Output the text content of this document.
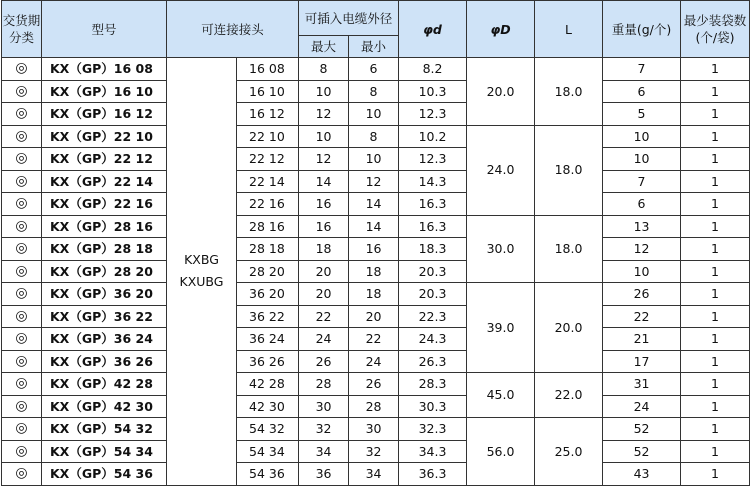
交货期分类	型号	可连接接头		可插入电缆外径		φd	φD	L	重量(g/个)	最少装袋数(个/袋)
				最大	最小					
◎	KX（GP）16 08	KXBG KXUBG	16 08	8	6	8.2	20.0	18.0	7	1
◎	KX（GP）16 10		16 10	10	8	10.3			6	1
◎	KX（GP）16 12		16 12	12	10	12.3			5	1
◎	KX（GP）22 10		22 10	10	8	10.2	24.0	18.0	10	1
◎	KX（GP）22 12		22 12	12	10	12.3			10	1
◎	KX（GP）22 14		22 14	14	12	14.3			7	1
◎	KX（GP）22 16		22 16	16	14	16.3			6	1
◎	KX（GP）28 16		28 16	16	14	16.3	30.0	18.0	13	1
◎	KX（GP）28 18		28 18	18	16	18.3			12	1
◎	KX（GP）28 20		28 20	20	18	20.3			10	1
◎	KX（GP）36 20		36 20	20	18	20.3	39.0	20.0	26	1
◎	KX（GP）36 22		36 22	22	20	22.3			22	1
◎	KX（GP）36 24		36 24	24	22	24.3			21	1
◎	KX（GP）36 26		36 26	26	24	26.3			17	1
◎	KX（GP）42 28		42 28	28	26	28.3	45.0	22.0	31	1
◎	KX（GP）42 30		42 30	30	28	30.3			24	1
◎	KX（GP）54 32		54 32	32	30	32.3	56.0	25.0	52	1
◎	KX（GP）54 34		54 34	34	32	34.3			52	1
◎	KX（GP）54 36		54 36	36	34	36.3			43	1
